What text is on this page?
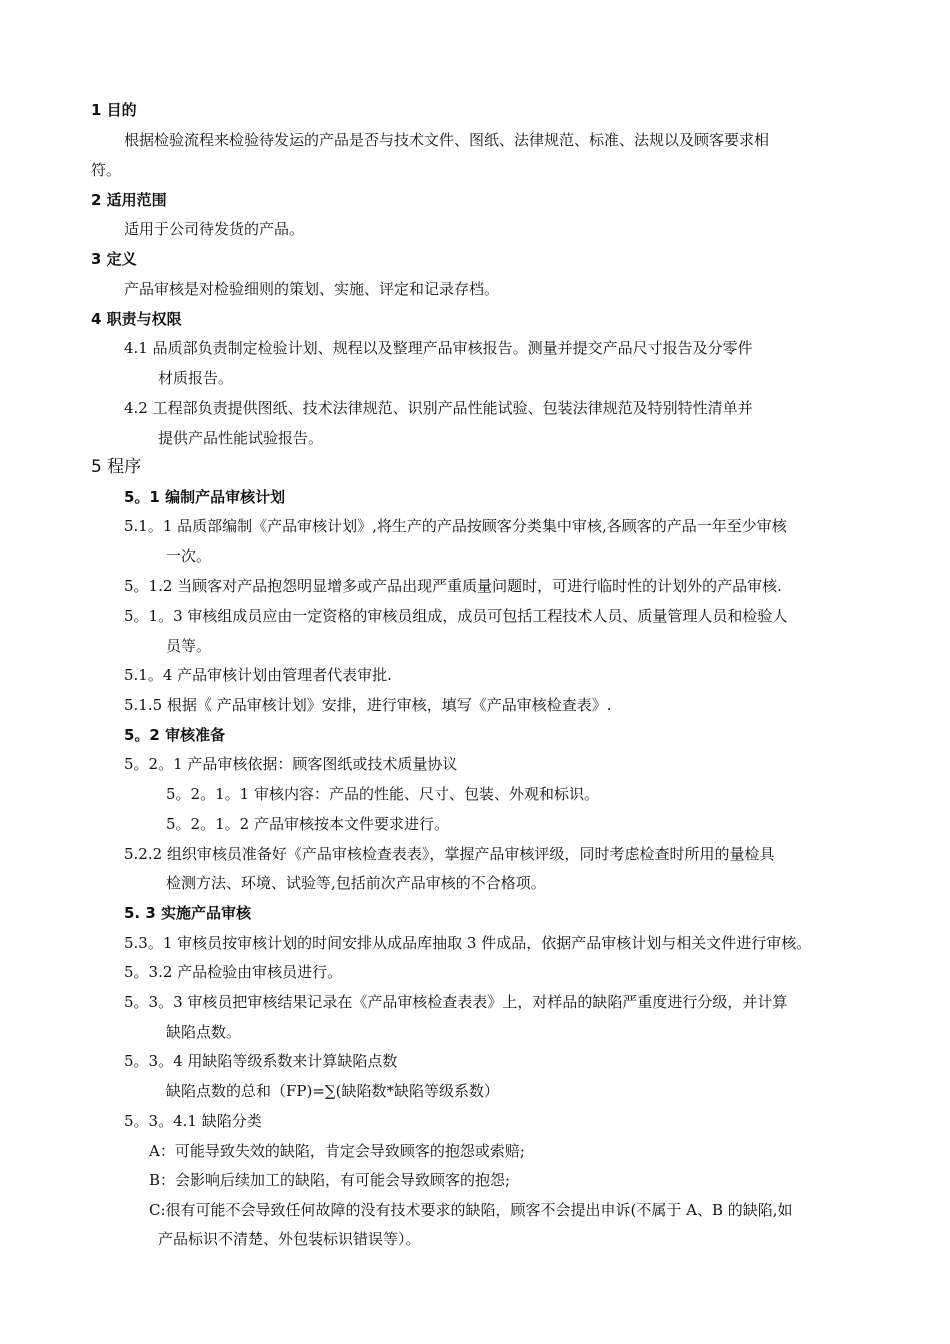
1 目的
根据检验流程来检验待发运的产品是否与技术文件、图纸、法律规范、标准、法规以及顾客要求相
符。
2 适用范围
适用于公司待发货的产品。
3 定义
产品审核是对检验细则的策划、实施、评定和记录存档。
4 职责与权限
4.1 品质部负责制定检验计划、规程以及整理产品审核报告。测量并提交产品尺寸报告及分零件
材质报告。
4.2 工程部负责提供图纸、技术法律规范、识别产品性能试验、包装法律规范及特别特性清单并
提供产品性能试验报告。
5 程序
5。1 编制产品审核计划
5.1。1 品质部编制《产品审核计划》,将生产的产品按顾客分类集中审核,各顾客的产品一年至少审核
一次。
5。1.2 当顾客对产品抱怨明显增多或产品出现严重质量问题时，可进行临时性的计划外的产品审核.
5。1。3 审核组成员应由一定资格的审核员组成，成员可包括工程技术人员、质量管理人员和检验人
员等。
5.1。4 产品审核计划由管理者代表审批.
5.1.5 根据《 产品审核计划》安排，进行审核，填写《产品审核检查表》.
5。2 审核准备
5。2。1 产品审核依据：顾客图纸或技术质量协议
5。2。1。1 审核内容：产品的性能、尺寸、包装、外观和标识。
5。2。1。2 产品审核按本文件要求进行。
5.2.2 组织审核员准备好《产品审核检查表表》，掌握产品审核评级，同时考虑检查时所用的量检具
检测方法、环境、试验等,包括前次产品审核的不合格项。
5. 3 实施产品审核
5.3。1 审核员按审核计划的时间安排从成品库抽取 3 件成品，依据产品审核计划与相关文件进行审核。
5。3.2 产品检验由审核员进行。
5。3。3 审核员把审核结果记录在《产品审核检查表表》上，对样品的缺陷严重度进行分级，并计算
缺陷点数。
5。3。4 用缺陷等级系数来计算缺陷点数
缺陷点数的总和（FP)=∑(缺陷数*缺陷等级系数）
5。3。4.1 缺陷分类
A：可能导致失效的缺陷，肯定会导致顾客的抱怨或索赔;
B：会影响后续加工的缺陷，有可能会导致顾客的抱怨;
C:很有可能不会导致任何故障的没有技术要求的缺陷，顾客不会提出申诉(不属于 A、B 的缺陷,如
产品标识不清楚、外包装标识错误等）。
